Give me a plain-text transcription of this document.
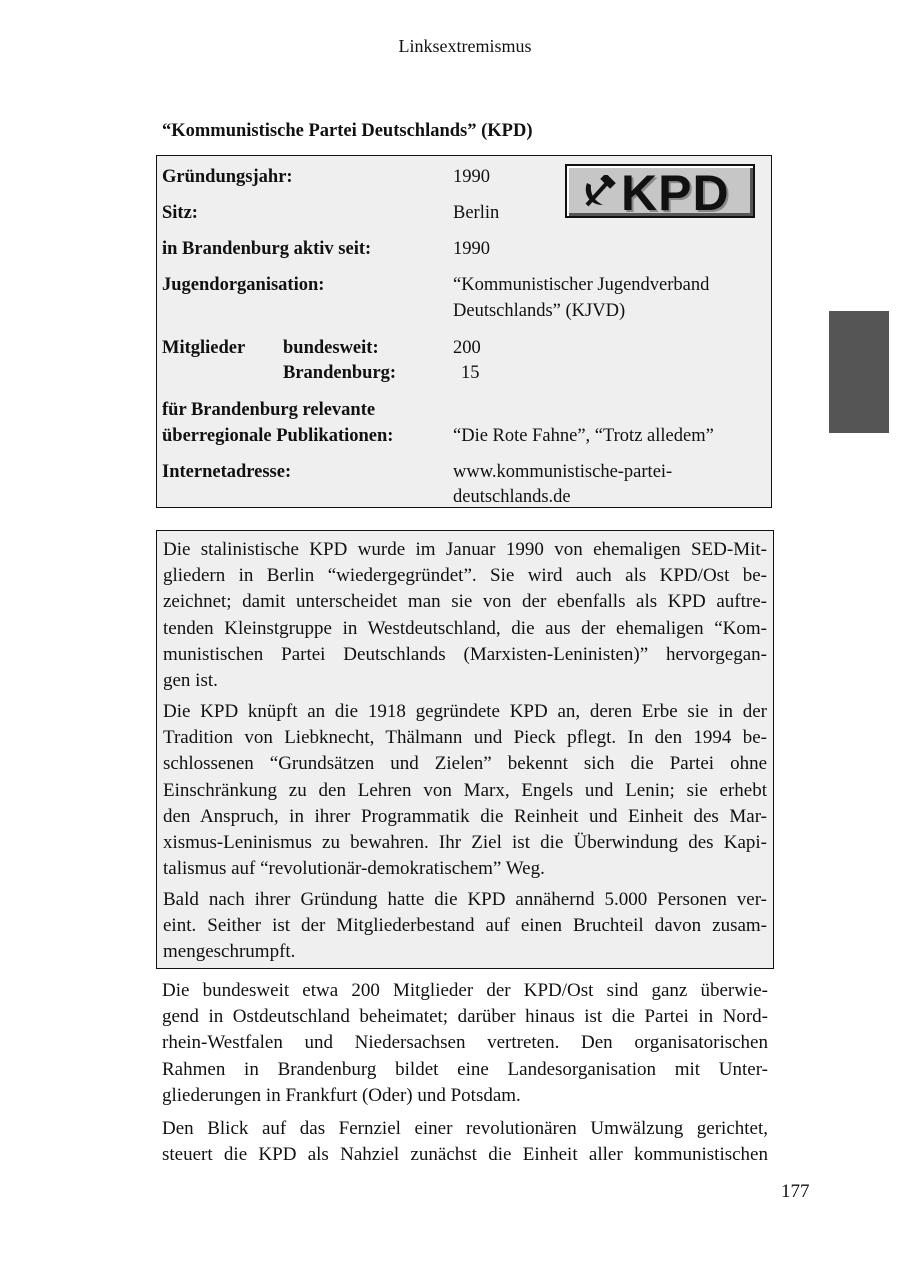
Linksextremismus
“Kommunistische Partei Deutschlands” (KPD)
Gründungsjahr:	1990
Sitz:	Berlin
in Brandenburg aktiv seit:	1990
Jugendorganisation:	“Kommunistischer Jugendverband
Deutschlands” (KJVD)
Mitglieder bundesweit:	200
Brandenburg:	15
für Brandenburg relevante
überregionale Publikationen:	“Die Rote Fahne”, “Trotz alledem”
Internetadresse:	www.kommunistische-partei-
deutschlands.de
KPD
Die stalinistische KPD wurde im Januar 1990 von ehemaligen SED-Mit-
gliedern in Berlin “wiedergegründet”. Sie wird auch als KPD/Ost be-
zeichnet; damit unterscheidet man sie von der ebenfalls als KPD auftre-
tenden Kleinstgruppe in Westdeutschland, die aus der ehemaligen “Kom-
munistischen Partei Deutschlands (Marxisten-Leninisten)” hervorgegan-
gen ist.
Die KPD knüpft an die 1918 gegründete KPD an, deren Erbe sie in der
Tradition von Liebknecht, Thälmann und Pieck pflegt. In den 1994 be-
schlossenen “Grundsätzen und Zielen” bekennt sich die Partei ohne
Einschränkung zu den Lehren von Marx, Engels und Lenin; sie erhebt
den Anspruch, in ihrer Programmatik die Reinheit und Einheit des Mar-
xismus-Leninismus zu bewahren. Ihr Ziel ist die Überwindung des Kapi-
talismus auf “revolutionär-demokratischem” Weg.
Bald nach ihrer Gründung hatte die KPD annähernd 5.000 Personen ver-
eint. Seither ist der Mitgliederbestand auf einen Bruchteil davon zusam-
mengeschrumpft.
Die bundesweit etwa 200 Mitglieder der KPD/Ost sind ganz überwie-
gend in Ostdeutschland beheimatet; darüber hinaus ist die Partei in Nord-
rhein-Westfalen und Niedersachsen vertreten. Den organisatorischen
Rahmen in Brandenburg bildet eine Landesorganisation mit Unter-
gliederungen in Frankfurt (Oder) und Potsdam.
Den Blick auf das Fernziel einer revolutionären Umwälzung gerichtet,
steuert die KPD als Nahziel zunächst die Einheit aller kommunistischen
177
